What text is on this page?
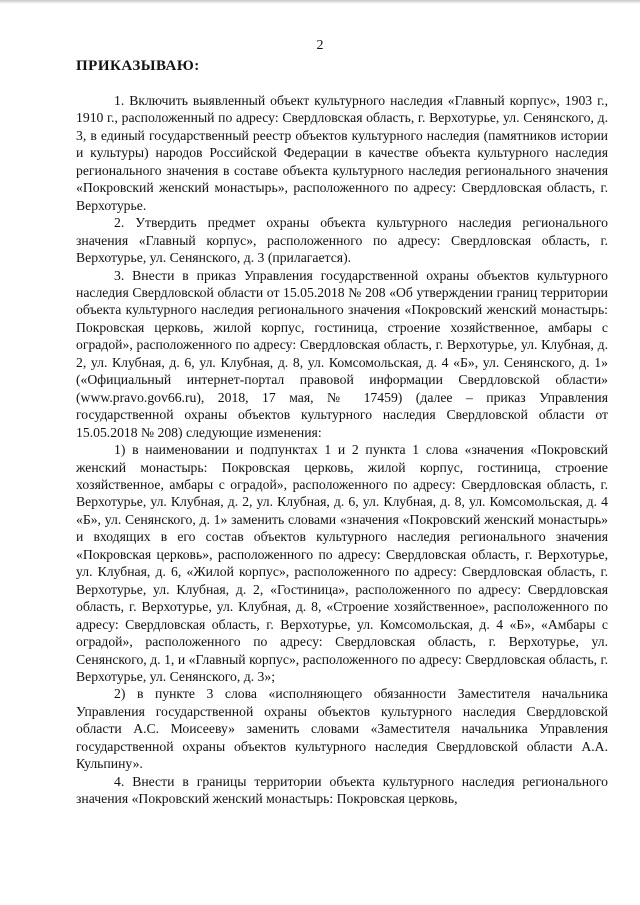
2
ПРИКАЗЫВАЮ:

1. Включить выявленный объект культурного наследия «Главный корпус», 1903 г., 1910 г., расположенный по адресу: Свердловская область, г. Верхотурье, ул. Сенянского, д. 3, в единый государственный реестр объектов культурного наследия (памятников истории и культуры) народов Российской Федерации в качестве объекта культурного наследия регионального значения в составе объекта культурного наследия регионального значения «Покровский женский монастырь», расположенного по адресу: Свердловская область, г. Верхотурье.

2. Утвердить предмет охраны объекта культурного наследия регионального значения «Главный корпус», расположенного по адресу: Свердловская область, г. Верхотурье, ул. Сенянского, д. 3 (прилагается).

3. Внести в приказ Управления государственной охраны объектов культурного наследия Свердловской области от 15.05.2018 № 208 «Об утверждении границ территории объекта культурного наследия регионального значения «Покровский женский монастырь: Покровская церковь, жилой корпус, гостиница, строение хозяйственное, амбары с оградой», расположенного по адресу: Свердловская область, г. Верхотурье, ул. Клубная, д. 2, ул. Клубная, д. 6, ул. Клубная, д. 8, ул. Комсомольская, д. 4 «Б», ул. Сенянского, д. 1» («Официальный интернет-портал правовой информации Свердловской области» (www.pravo.gov66.ru), 2018, 17 мая, № 17459) (далее – приказ Управления государственной охраны объектов культурного наследия Свердловской области от 15.05.2018 № 208) следующие изменения:

1) в наименовании и подпунктах 1 и 2 пункта 1 слова «значения «Покровский женский монастырь: Покровская церковь, жилой корпус, гостиница, строение хозяйственное, амбары с оградой», расположенного по адресу: Свердловская область, г. Верхотурье, ул. Клубная, д. 2, ул. Клубная, д. 6, ул. Клубная, д. 8, ул. Комсомольская, д. 4 «Б», ул. Сенянского, д. 1» заменить словами «значения «Покровский женский монастырь» и входящих в его состав объектов культурного наследия регионального значения «Покровская церковь», расположенного по адресу: Свердловская область, г. Верхотурье, ул. Клубная, д. 6, «Жилой корпус», расположенного по адресу: Свердловская область, г. Верхотурье, ул. Клубная, д. 2, «Гостиница», расположенного по адресу: Свердловская область, г. Верхотурье, ул. Клубная, д. 8, «Строение хозяйственное», расположенного по адресу: Свердловская область, г. Верхотурье, ул. Комсомольская, д. 4 «Б», «Амбары с оградой», расположенного по адресу: Свердловская область, г. Верхотурье, ул. Сенянского, д. 1, и «Главный корпус», расположенного по адресу: Свердловская область, г. Верхотурье, ул. Сенянского, д. 3»;

2) в пункте 3 слова «исполняющего обязанности Заместителя начальника Управления государственной охраны объектов культурного наследия Свердловской области А.С. Моисееву» заменить словами «Заместителя начальника Управления государственной охраны объектов культурного наследия Свердловской области А.А. Кульпину».

4. Внести в границы территории объекта культурного наследия регионального значения «Покровский женский монастырь: Покровская церковь,
